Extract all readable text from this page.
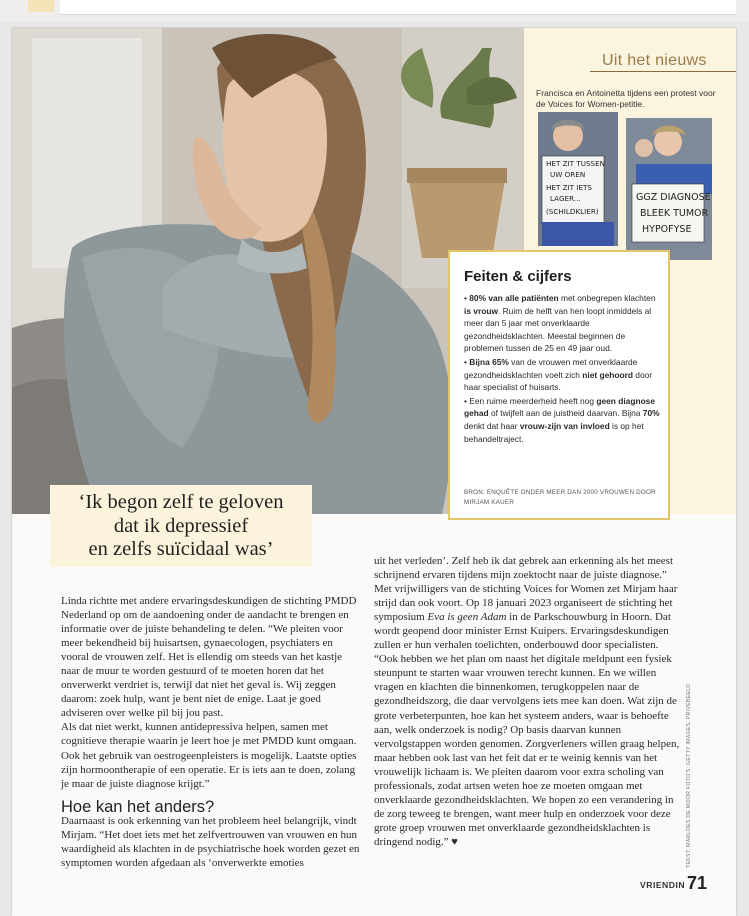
Uit het nieuws
Francisca en Antoinetta tijdens een protest voor de Voices for Women-petitie.
HET ZIT TUSSEN
UW OREN
HET ZIT IETS
LAGER...
(SCHILDKLIER)
GGZ DIAGNOSE
BLEEK TUMOR
HYPOFYSE
Feiten & cijfers

• 80% van alle patiënten met onbegrepen klachten is vrouw. Ruim de helft van hen loopt inmiddels al meer dan 5 jaar met onverklaarde gezondheidsklachten. Meestal beginnen de problemen tussen de 25 en 49 jaar oud.

• Bijna 65% van de vrouwen met onverklaarde gezondheidsklachten voelt zich niet gehoord door haar specialist of huisarts.

• Een ruime meerderheid heeft nog geen diagnose gehad of twijfelt aan de juistheid daarvan. Bijna 70% denkt dat haar vrouw-zijn van invloed is op het behandeltraject.

BRON: ENQUÊTE ONDER MEER DAN 2000 VROUWEN DOOR MIRJAM KAUER
‘Ik begon zelf te geloven
dat ik depressief
en zelfs suïcidaal was’

Linda richtte met andere ervaringsdeskundigen de stichting PMDD Nederland op om de aandoening onder de aandacht te brengen en informatie over de juiste behandeling te delen. “We pleiten voor meer bekendheid bij huisartsen, gynaecologen, psychiaters en vooral de vrouwen zelf. Het is ellendig om steeds van het kastje naar de muur te worden gestuurd of te moeten horen dat het onverwerkt verdriet is, terwijl dat niet het geval is. Wij zeggen daarom: zoek hulp, want je bent niet de enige. Laat je goed adviseren over welke pil bij jou past.

Als dat niet werkt, kunnen antidepressiva helpen, samen met cognitieve therapie waarin je leert hoe je met PMDD kunt omgaan. Ook het gebruik van oestrogeenpleisters is mogelijk. Laatste opties zijn hormoontherapie of een operatie. Er is iets aan te doen, zolang je maar de juiste diagnose krijgt.”

Hoe kan het anders?

Daarnaast is ook erkenning van het probleem heel belangrijk, vindt Mirjam. “Het doet iets met het zelfvertrouwen van vrouwen en hun waardigheid als klachten in de psychiatrische hoek worden gezet en symptomen worden afgedaan als ‘onverwerkte emoties

uit het verleden’. Zelf heb ik dat gebrek aan erkenning als het meest schrijnend ervaren tijdens mijn zoektocht naar de juiste diagnose.”

Met vrijwilligers van de stichting Voices for Women zet Mirjam haar strijd dan ook voort. Op 18 januari 2023 organiseert de stichting het symposium Eva is geen Adam in de Parkschouwburg in Hoorn. Dat wordt geopend door minister Ernst Kuipers. Ervaringsdeskundigen zullen er hun verhalen toelichten, onderbouwd door specialisten.

“Ook hebben we het plan om naast het digitale meldpunt een fysiek steunpunt te starten waar vrouwen terecht kunnen. En we willen vragen en klachten die binnenkomen, terugkoppelen naar de gezondheidszorg, die daar vervolgens iets mee kan doen. Wat zijn de grote verbeterpunten, hoe kan het systeem anders, waar is behoefte aan, welk onderzoek is nodig? Op basis daarvan kunnen vervolgstappen worden genomen. Zorgverleners willen graag helpen, maar hebben ook last van het feit dat er te weinig kennis van het vrouwelijk lichaam is. We pleiten daarom voor extra scholing van professionals, zodat artsen weten hoe ze moeten omgaan met onverklaarde gezondheidsklachten. We hopen zo een verandering in de zorg teweeg te brengen, want meer hulp en onderzoek voor deze grote groep vrouwen met onverklaarde gezondheidsklachten is dringend nodig.” ♥	TEKST: MARLOES DE MOOR FOTO'S: GETTY IMAGES, PRIVÉBEELD
VRIENDIN 71
